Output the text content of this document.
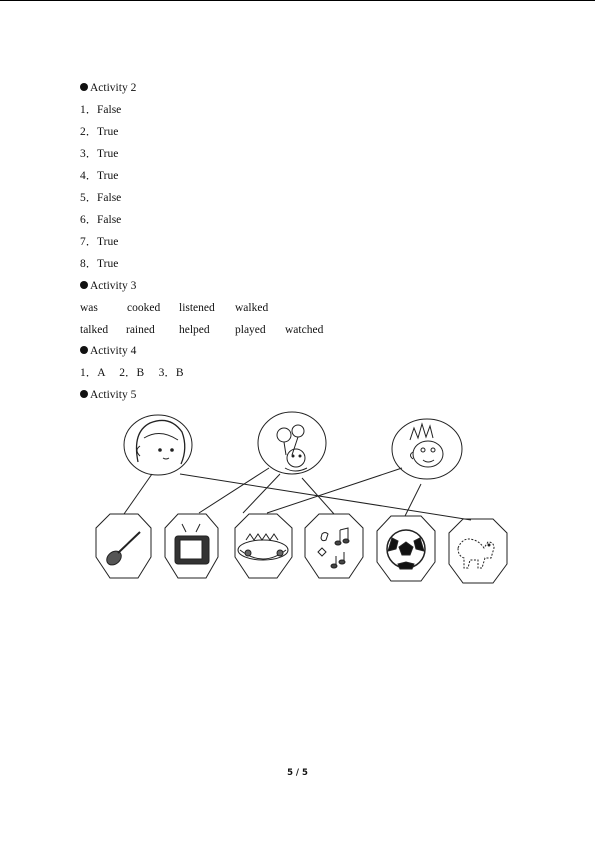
Activity 2
1．False
2．True
3．True
4．True
5．False
6．False
7．True
8．True
Activity 3
was	cooked listened walked
talked rained helped played watched
Activity 4
1．A　 2．B　 3．B
Activity 5
5 / 5
